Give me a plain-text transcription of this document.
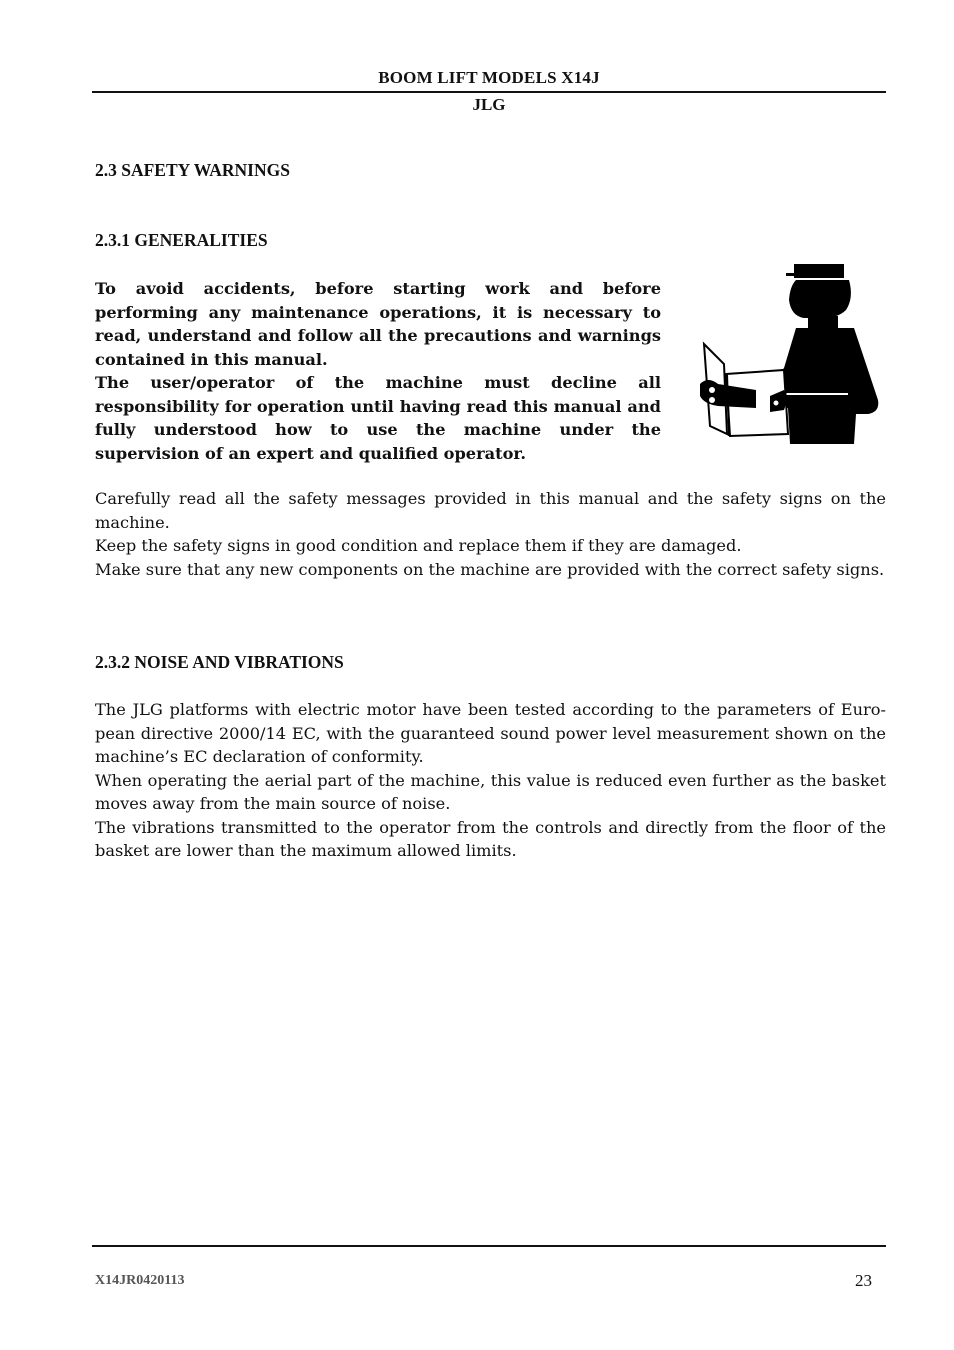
BOOM LIFT MODELS X14J
JLG
2.3 SAFETY WARNINGS
2.3.1 GENERALITIES

To avoid accidents, before starting work and before performing any maintenance operations, it is necessary to read, understand and follow all the precautions and warnings contained in this manual.

The user/operator of the machine must decline all responsibility for operation until having read this manual and fully understood how to use the machine under the supervision of an expert and qualified operator.

Carefully read all the safety messages provided in this manual and the safety signs on the machine.

Keep the safety signs in good condition and replace them if they are damaged.

Make sure that any new components on the machine are provided with the correct safety signs.

2.3.2 NOISE AND VIBRATIONS

The JLG platforms with electric motor have been tested according to the parameters of European directive 2000/14 EC, with the guaranteed sound power level measurement shown on the machine’s EC declaration of conformity.

When operating the aerial part of the machine, this value is reduced even further as the basket moves away from the main source of noise.

The vibrations transmitted to the operator from the controls and directly from the floor of the basket are lower than the maximum allowed limits.

X14JR0420113	23
